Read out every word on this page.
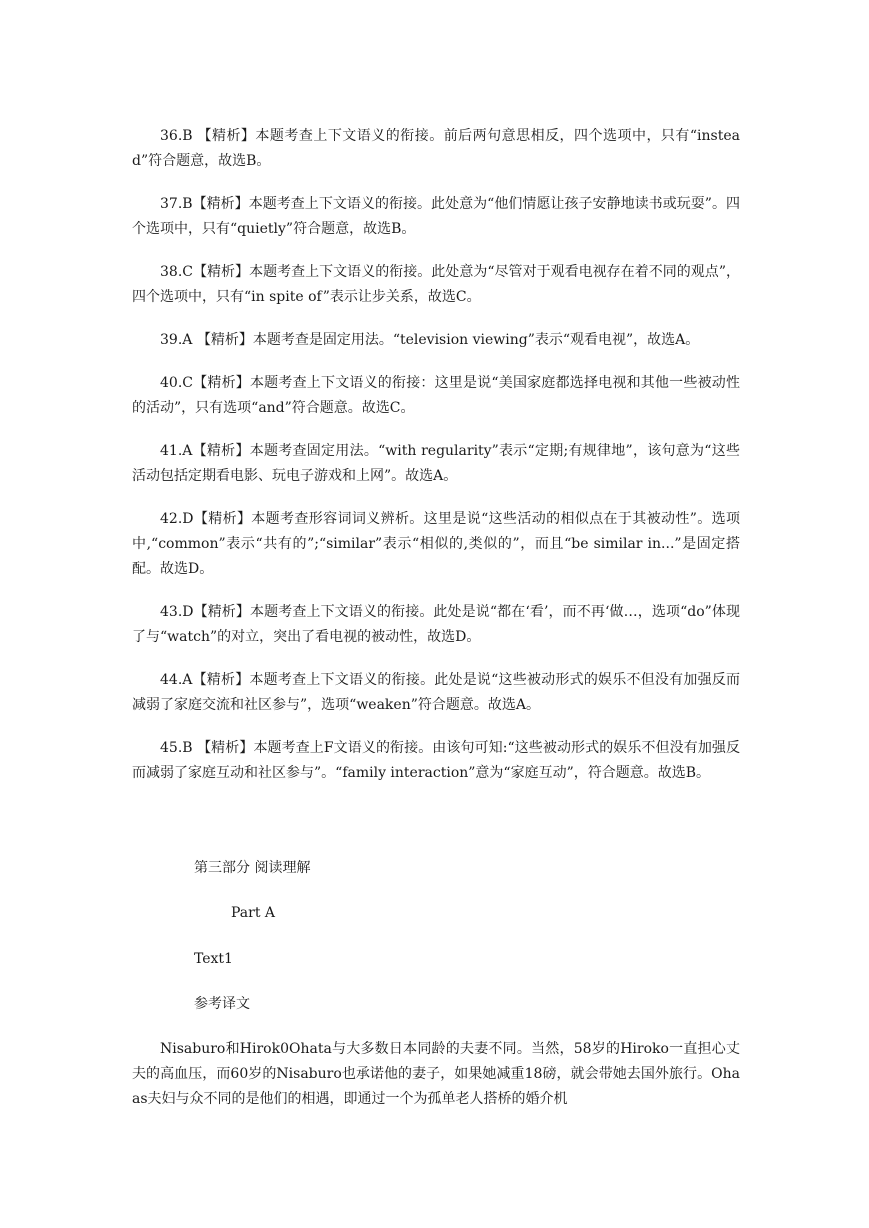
36.B 【精析】本题考查上下文语义的衔接。前后两句意思相反，四个选项中，只有“instead”符合题意，故选B。

37.B【精析】本题考查上下文语义的衔接。此处意为“他们情愿让孩子安静地读书或玩耍”。四个选项中，只有“quietly”符合题意，故选B。

38.C【精析】本题考查上下文语义的衔接。此处意为“尽管对于观看电视存在着不同的观点”，四个选项中，只有“in spite of”表示让步关系，故选C。

39.A 【精析】本题考查是固定用法。“television viewing”表示“观看电视”，故选A。

40.C【精析】本题考查上下文语义的衔接：这里是说“美国家庭都选择电视和其他一些被动性的活动”，只有选项“and”符合题意。故选C。

41.A【精析】本题考查固定用法。“with regularity”表示“定期;有规律地”，该句意为“这些活动包括定期看电影、玩电子游戏和上网”。故选A。

42.D【精析】本题考查形容词词义辨析。这里是说“这些活动的相似点在于其被动性”。选项中,“common”表示“共有的”;“similar”表示“相似的,类似的”，而且“be similar in...”是固定搭配。故选D。

43.D【精析】本题考查上下文语义的衔接。此处是说“都在‘看’，而不再‘做…，选项“do”体现了与“watch”的对立，突出了看电视的被动性，故选D。

44.A【精析】本题考查上下文语义的衔接。此处是说“这些被动形式的娱乐不但没有加强反而减弱了家庭交流和社区参与”，选项“weaken”符合题意。故选A。

45.B 【精析】本题考查上F文语义的衔接。由该句可知:“这些被动形式的娱乐不但没有加强反而减弱了家庭互动和社区参与”。“family interaction”意为“家庭互动”，符合题意。故选B。

第三部分 阅读理解
Part A
Text1
参考译文

Nisaburo和Hirok0Ohata与大多数日本同龄的夫妻不同。当然，58岁的Hiroko一直担心丈夫的高血压，而60岁的Nisaburo也承诺他的妻子，如果她减重18磅，就会带她去国外旅行。Ohaas夫妇与众不同的是他们的相遇，即通过一个为孤单老人搭桥的婚介机
